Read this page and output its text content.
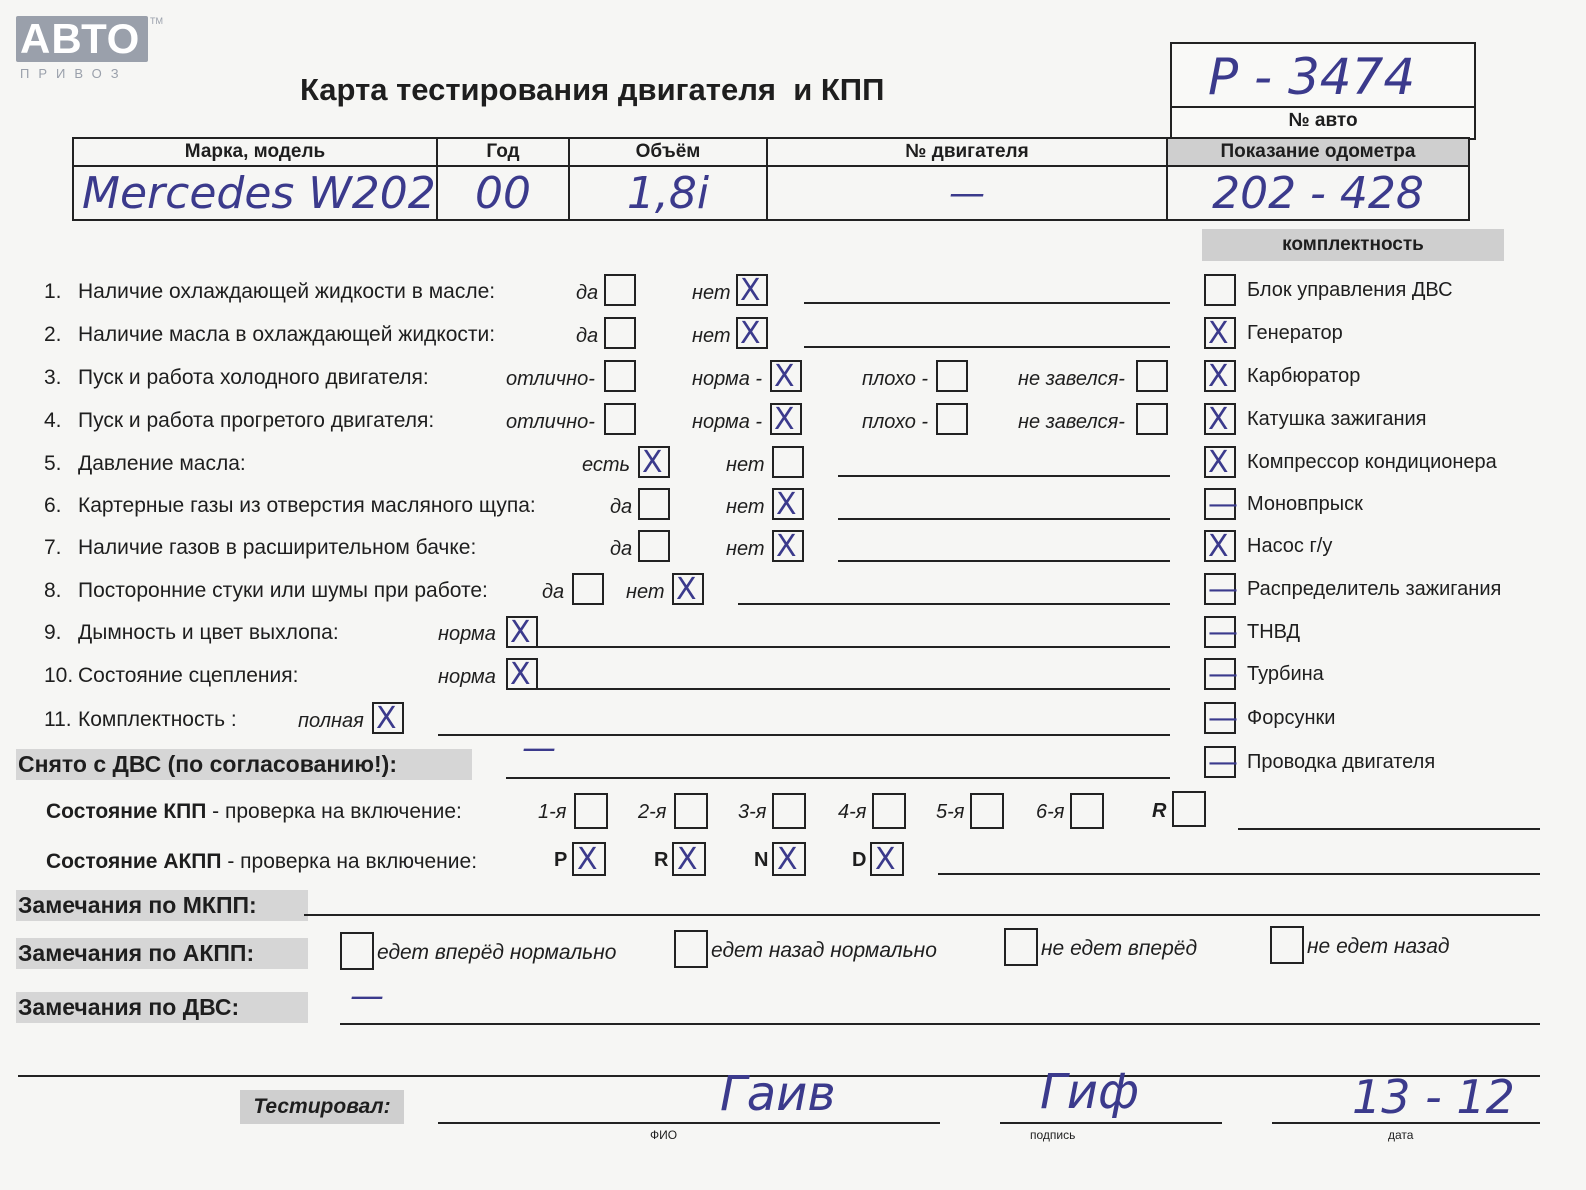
АВТО
ПРИВОЗ
TM
Карта тестирования двигателя  и КПП	Р - 3474
№ авто
Марка, модель	Год	Объём	№ двигателя	Показание одометра
Mercedes W202	00	1,8i	—	202 - 428
комплектность
1. Наличие охлаждающей жидкости в масле:	да	нет X
2. Наличие масла в охлаждающей жидкости:	да	нет X
3. Пуск и работа холодного двигателя:	отлично-	норма - X	плохо -	не завелся-
4. Пуск и работа прогретого двигателя:	отлично-	норма - X	плохо -	не завелся-
5. Давление масла:	есть X	нет
6. Картерные газы из отверстия масляного щупа:	да	нет X
7. Наличие газов в расширительном бачке:	да	нет X
8. Посторонние стуки или шумы при работе:	да	нет X
9. Дымность и цвет выхлопа:	норма X
10. Состояние сцепления:	норма X
11. Комплектность :	полная X
Блок управления ДВС
X Генератор
X Карбюратор
X Катушка зажигания
X Компрессор кондиционера
— Моновпрыск
X Насос г/у
— Распределитель зажигания
— ТНВД
— Турбина
— Форсунки
— Проводка двигателя
Снято с ДВС (по согласованию!):	—
Состояние КПП - проверка на включение:	1-я	2-я	3-я	4-я	5-я	6-я	R
Состояние АКПП - проверка на включение:	P X	R X	N X	D X
Замечания по МКПП:
Замечания по АКПП:	едет вперёд нормально	едет назад нормально	не едет вперёд	не едет назад
Замечания по ДВС:	—
Тестировал:	Гаив
ФИО
Гиф
подпись
13 - 12
дата
